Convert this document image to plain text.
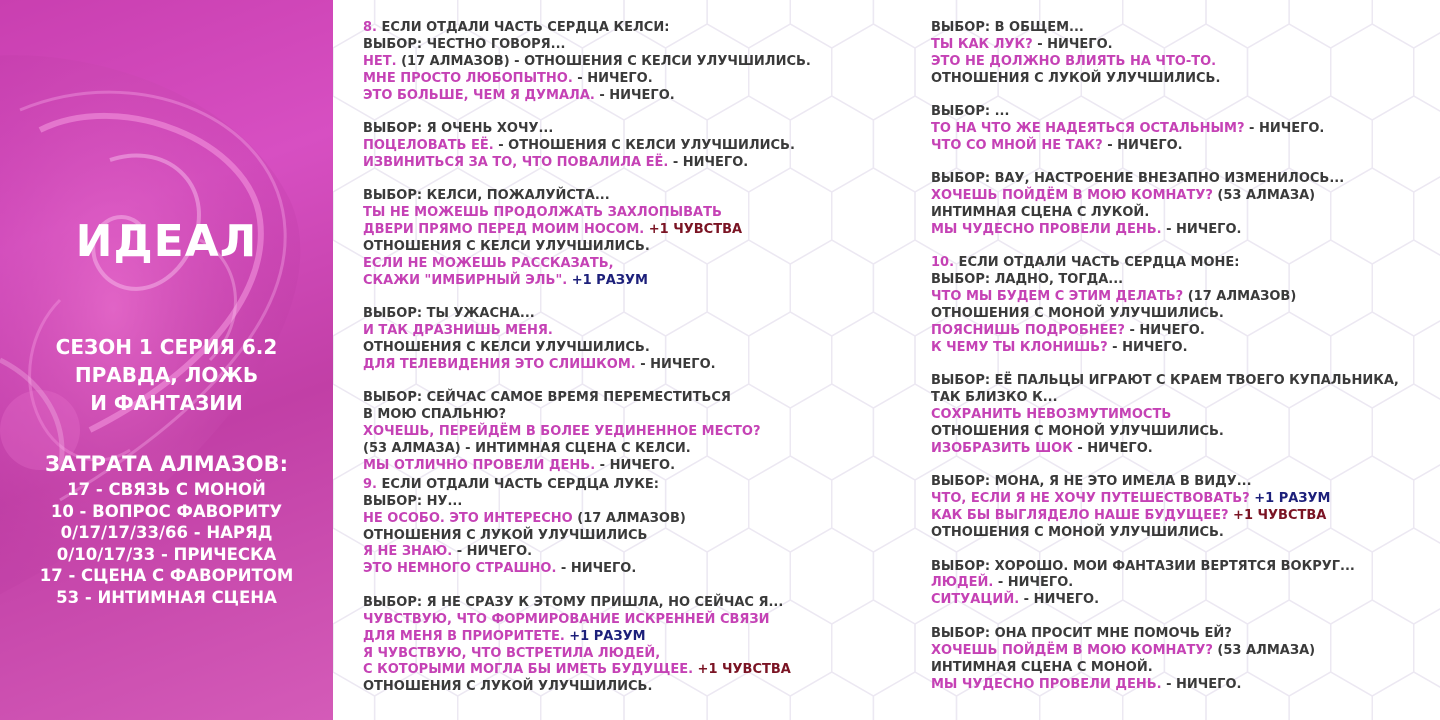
ИДЕАЛ
СЕЗОН 1 СЕРИЯ 6.2
ПРАВДА, ЛОЖЬ
И ФАНТАЗИИ
ЗАТРАТА АЛМАЗОВ:
17 - СВЯЗЬ С МОНОЙ
10 - ВОПРОС ФАВОРИТУ
0/17/17/33/66 - НАРЯД
0/10/17/33 - ПРИЧЕСКА
17 - СЦЕНА С ФАВОРИТОМ
53 - ИНТИМНАЯ СЦЕНА
8. ЕСЛИ ОТДАЛИ ЧАСТЬ СЕРДЦА КЕЛСИ:
ВЫБОР: ЧЕСТНО ГОВОРЯ...
НЕТ. (17 АЛМАЗОВ) - ОТНОШЕНИЯ С КЕЛСИ УЛУЧШИЛИСЬ.
МНЕ ПРОСТО ЛЮБОПЫТНО. - НИЧЕГО.
ЭТО БОЛЬШЕ, ЧЕМ Я ДУМАЛА. - НИЧЕГО.
ВЫБОР: Я ОЧЕНЬ ХОЧУ...
ПОЦЕЛОВАТЬ ЕЁ. - ОТНОШЕНИЯ С КЕЛСИ УЛУЧШИЛИСЬ.
ИЗВИНИТЬСЯ ЗА ТО, ЧТО ПОВАЛИЛА ЕЁ. - НИЧЕГО.
ВЫБОР: КЕЛСИ, ПОЖАЛУЙСТА...
ТЫ НЕ МОЖЕШЬ ПРОДОЛЖАТЬ ЗАХЛОПЫВАТЬ
ДВЕРИ ПРЯМО ПЕРЕД МОИМ НОСОМ. +1 ЧУВСТВА
ОТНОШЕНИЯ С КЕЛСИ УЛУЧШИЛИСЬ.
ЕСЛИ НЕ МОЖЕШЬ РАССКАЗАТЬ,
СКАЖИ "ИМБИРНЫЙ ЭЛЬ". +1 РАЗУМ
ВЫБОР: ТЫ УЖАСНА...
И ТАК ДРАЗНИШЬ МЕНЯ.
ОТНОШЕНИЯ С КЕЛСИ УЛУЧШИЛИСЬ.
ДЛЯ ТЕЛЕВИДЕНИЯ ЭТО СЛИШКОМ. - НИЧЕГО.
ВЫБОР: СЕЙЧАС САМОЕ ВРЕМЯ ПЕРЕМЕСТИТЬСЯ
В МОЮ СПАЛЬНЮ?
ХОЧЕШЬ, ПЕРЕЙДЁМ В БОЛЕЕ УЕДИНЕННОЕ МЕСТО?
(53 АЛМАЗА) - ИНТИМНАЯ СЦЕНА С КЕЛСИ.
МЫ ОТЛИЧНО ПРОВЕЛИ ДЕНЬ. - НИЧЕГО.
9. ЕСЛИ ОТДАЛИ ЧАСТЬ СЕРДЦА ЛУКЕ:
ВЫБОР: НУ...
НЕ ОСОБО. ЭТО ИНТЕРЕСНО (17 АЛМАЗОВ)
ОТНОШЕНИЯ С ЛУКОЙ УЛУЧШИЛИСЬ
Я НЕ ЗНАЮ. - НИЧЕГО.
ЭТО НЕМНОГО СТРАШНО. - НИЧЕГО.
ВЫБОР: Я НЕ СРАЗУ К ЭТОМУ ПРИШЛА, НО СЕЙЧАС Я...
ЧУВСТВУЮ, ЧТО ФОРМИРОВАНИЕ ИСКРЕННЕЙ СВЯЗИ
ДЛЯ МЕНЯ В ПРИОРИТЕТЕ. +1 РАЗУМ
Я ЧУВСТВУЮ, ЧТО ВСТРЕТИЛА ЛЮДЕЙ,
С КОТОРЫМИ МОГЛА БЫ ИМЕТЬ БУДУЩЕЕ. +1 ЧУВСТВА
ОТНОШЕНИЯ С ЛУКОЙ УЛУЧШИЛИСЬ.
ВЫБОР: В ОБЩЕМ...
ТЫ КАК ЛУК? - НИЧЕГО.
ЭТО НЕ ДОЛЖНО ВЛИЯТЬ НА ЧТО-ТО.
ОТНОШЕНИЯ С ЛУКОЙ УЛУЧШИЛИСЬ.
ВЫБОР: ...
ТО НА ЧТО ЖЕ НАДЕЯТЬСЯ ОСТАЛЬНЫМ? - НИЧЕГО.
ЧТО СО МНОЙ НЕ ТАК? - НИЧЕГО.
ВЫБОР: ВАУ, НАСТРОЕНИЕ ВНЕЗАПНО ИЗМЕНИЛОСЬ...
ХОЧЕШЬ ПОЙДЁМ В МОЮ КОМНАТУ? (53 АЛМАЗА)
ИНТИМНАЯ СЦЕНА С ЛУКОЙ.
МЫ ЧУДЕСНО ПРОВЕЛИ ДЕНЬ. - НИЧЕГО.
10. ЕСЛИ ОТДАЛИ ЧАСТЬ СЕРДЦА МОНЕ:
ВЫБОР: ЛАДНО, ТОГДА...
ЧТО МЫ БУДЕМ С ЭТИМ ДЕЛАТЬ? (17 АЛМАЗОВ)
ОТНОШЕНИЯ С МОНОЙ УЛУЧШИЛИСЬ.
ПОЯСНИШЬ ПОДРОБНЕЕ? - НИЧЕГО.
К ЧЕМУ ТЫ КЛОНИШЬ? - НИЧЕГО.
ВЫБОР: ЕЁ ПАЛЬЦЫ ИГРАЮТ С КРАЕМ ТВОЕГО КУПАЛЬНИКА,
ТАК БЛИЗКО К...
СОХРАНИТЬ НЕВОЗМУТИМОСТЬ
ОТНОШЕНИЯ С МОНОЙ УЛУЧШИЛИСЬ.
ИЗОБРАЗИТЬ ШОК - НИЧЕГО.
ВЫБОР: МОНА, Я НЕ ЭТО ИМЕЛА В ВИДУ...
ЧТО, ЕСЛИ Я НЕ ХОЧУ ПУТЕШЕСТВОВАТЬ? +1 РАЗУМ
КАК БЫ ВЫГЛЯДЕЛО НАШЕ БУДУЩЕЕ? +1 ЧУВСТВА
ОТНОШЕНИЯ С МОНОЙ УЛУЧШИЛИСЬ.
ВЫБОР: ХОРОШО. МОИ ФАНТАЗИИ ВЕРТЯТСЯ ВОКРУГ...
ЛЮДЕЙ. - НИЧЕГО.
СИТУАЦИЙ. - НИЧЕГО.
ВЫБОР: ОНА ПРОСИТ МНЕ ПОМОЧЬ ЕЙ?
ХОЧЕШЬ ПОЙДЁМ В МОЮ КОМНАТУ? (53 АЛМАЗА)
ИНТИМНАЯ СЦЕНА С МОНОЙ.
МЫ ЧУДЕСНО ПРОВЕЛИ ДЕНЬ. - НИЧЕГО.
